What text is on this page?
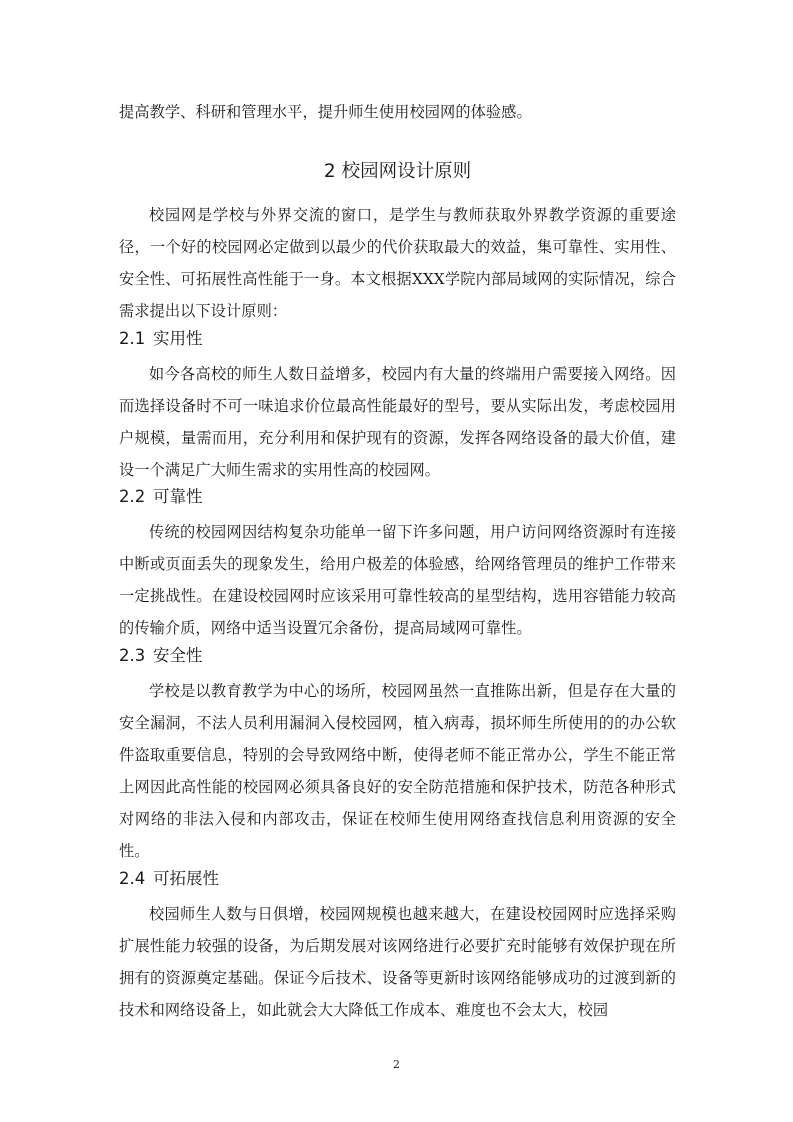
提高教学、科研和管理水平，提升师生使用校园网的体验感。

2 校园网设计原则

校园网是学校与外界交流的窗口，是学生与教师获取外界教学资源的重要途径，一个好的校园网必定做到以最少的代价获取最大的效益，集可靠性、实用性、安全性、可拓展性高性能于一身。本文根据XXX学院内部局域网的实际情况，综合需求提出以下设计原则：

2.1 实用性

如今各高校的师生人数日益增多，校园内有大量的终端用户需要接入网络。因而选择设备时不可一味追求价位最高性能最好的型号，要从实际出发，考虑校园用户规模，量需而用，充分利用和保护现有的资源，发挥各网络设备的最大价值，建设一个满足广大师生需求的实用性高的校园网。

2.2 可靠性

传统的校园网因结构复杂功能单一留下许多问题，用户访问网络资源时有连接中断或页面丢失的现象发生，给用户极差的体验感，给网络管理员的维护工作带来一定挑战性。在建设校园网时应该采用可靠性较高的星型结构，选用容错能力较高的传输介质，网络中适当设置冗余备份，提高局域网可靠性。

2.3 安全性

学校是以教育教学为中心的场所，校园网虽然一直推陈出新，但是存在大量的安全漏洞，不法人员利用漏洞入侵校园网，植入病毒，损坏师生所使用的的办公软件盗取重要信息，特别的会导致网络中断，使得老师不能正常办公，学生不能正常上网因此高性能的校园网必须具备良好的安全防范措施和保护技术，防范各种形式对网络的非法入侵和内部攻击，保证在校师生使用网络查找信息利用资源的安全性。

2.4 可拓展性

校园师生人数与日俱增，校园网规模也越来越大，在建设校园网时应选择采购扩展性能力较强的设备，为后期发展对该网络进行必要扩充时能够有效保护现在所拥有的资源奠定基础。保证今后技术、设备等更新时该网络能够成功的过渡到新的技术和网络设备上，如此就会大大降低工作成本、难度也不会太大，校园

2
